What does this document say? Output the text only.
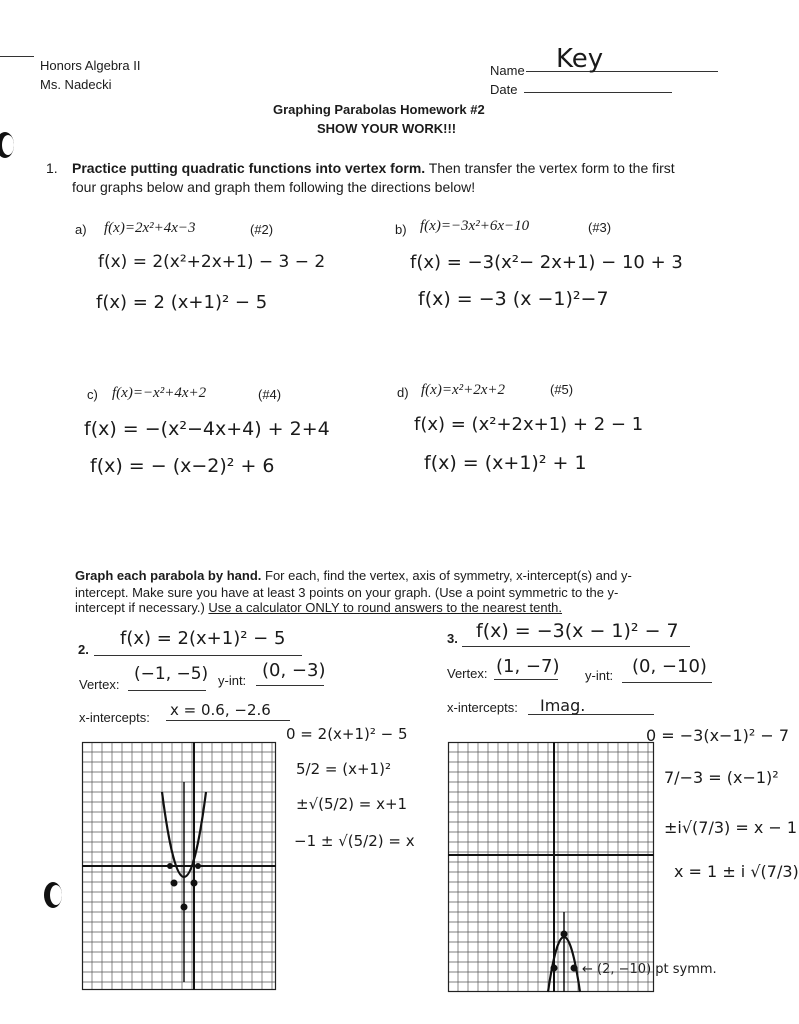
Honors Algebra II
Ms. Nadecki
Name Key
Date
Graphing Parabolas Homework #2
SHOW YOUR WORK!!!
1. Practice putting quadratic functions into vertex form. Then transfer the vertex form to the first
four graphs below and graph them following the directions below!
a) f(x)=2x²+4x−3	(#2)
f(x) = 2(x²+2x+1) − 3 − 2
f(x) = 2 (x+1)² − 5
b) f(x)=−3x²+6x−10	(#3)
f(x) = −3(x²− 2x+1) − 10 + 3
f(x) = −3 (x −1)²−7
c) f(x)=−x²+4x+2	(#4)
f(x) = −(x²−4x+4) + 2+4
f(x) = − (x−2)² + 6
d) f(x)=x²+2x+2	(#5)
f(x) = (x²+2x+1) + 2 − 1
f(x) = (x+1)² + 1
Graph each parabola by hand. For each, find the vertex, axis of symmetry, x-intercept(s) and y-
intercept. Make sure you have at least 3 points on your graph. (Use a point symmetric to the y-
intercept if necessary.) Use a calculator ONLY to round answers to the nearest tenth.
2.
f(x) = 2(x+1)² − 5
Vertex:
(−1, −5) y-int: (0, −3)
x-intercepts: x = 0.6, −2.6
0 = 2(x+1)² − 5
5/2 = (x+1)²
±√(5/2) = x+1
−1 ± √(5/2) = x
3. f(x) = −3(x − 1)² − 7
Vertex: (1, −7) y-int: (0, −10)
x-intercepts: Imag.
0 = −3(x−1)² − 7
7/−3 = (x−1)²
±i√(7/3) = x − 1
x = 1 ± i √(7/3)
← (2, −10) pt symm.
